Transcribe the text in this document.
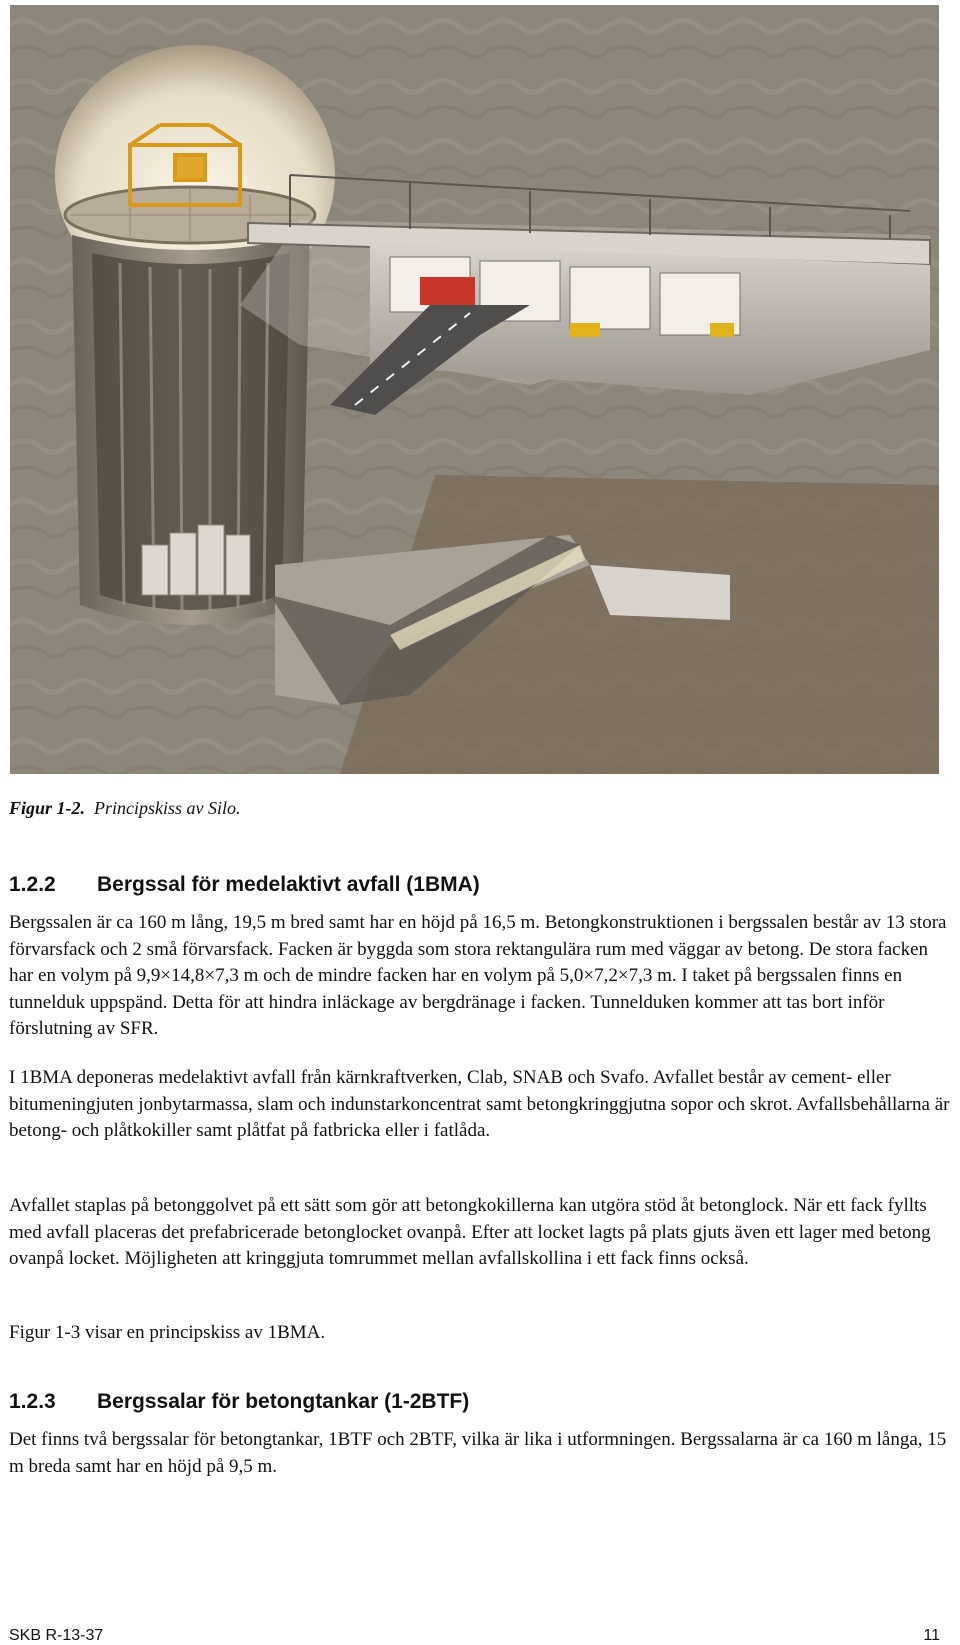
Figur 1-2. Principskiss av Silo.
1.2.2 Bergssal för medelaktivt avfall (1BMA)

Bergssalen är ca 160 m lång, 19,5 m bred samt har en höjd på 16,5 m. Betongkonstruktionen i bergssalen består av 13 stora förvarsfack och 2 små förvarsfack. Facken är byggda som stora rektangulära rum med väggar av betong. De stora facken har en volym på 9,9×14,8×7,3 m och de mindre facken har en volym på 5,0×7,2×7,3 m. I taket på bergssalen finns en tunnelduk uppspänd. Detta för att hindra inläckage av bergdränage i facken. Tunnelduken kommer att tas bort inför förslutning av SFR.

I 1BMA deponeras medelaktivt avfall från kärnkraftverken, Clab, SNAB och Svafo. Avfallet består av cement- eller bitumeningjuten jonbytarmassa, slam och indunstarkoncentrat samt betongkringgjutna sopor och skrot. Avfallsbehållarna är betong- och plåtkokiller samt plåtfat på fatbricka eller i fatlåda.

Avfallet staplas på betonggolvet på ett sätt som gör att betongkokillerna kan utgöra stöd åt betonglock. När ett fack fyllts med avfall placeras det prefabricerade betonglocket ovanpå. Efter att locket lagts på plats gjuts även ett lager med betong ovanpå locket. Möjligheten att kringgjuta tomrummet mellan avfallskollina i ett fack finns också.

Figur 1-3 visar en principskiss av 1BMA.

1.2.3 Bergssalar för betongtankar (1-2BTF)

Det finns två bergssalar för betongtankar, 1BTF och 2BTF, vilka är lika i utformningen. Bergssalarna är ca 160 m långa, 15 m breda samt har en höjd på 9,5 m.

SKB R-13-37	11
